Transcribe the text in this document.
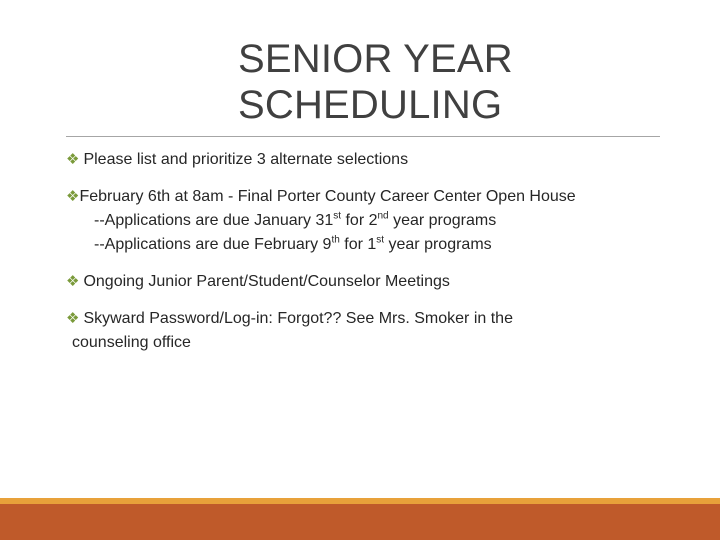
SENIOR YEAR
SCHEDULING
❖ Please list and prioritize 3 alternate selections
❖February 6th at 8am - Final Porter County Career Center Open House
--Applications are due January 31st for 2nd year programs
--Applications are due February 9th for 1st year programs
❖ Ongoing Junior Parent/Student/Counselor Meetings
❖ Skyward Password/Log-in: Forgot?? See Mrs. Smoker in the
counseling office
